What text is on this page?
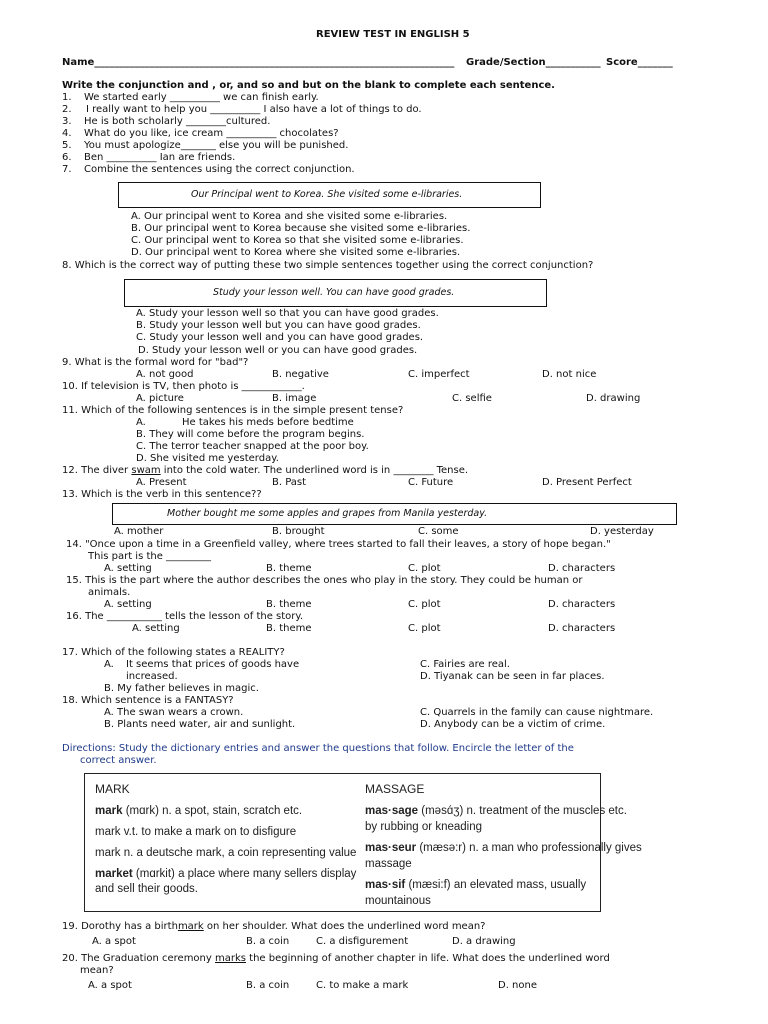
REVIEW TEST IN ENGLISH 5
Name________________________________________________________________________ Grade/Section___________ Score_______
Write the conjunction and , or, and so and but on the blank to complete each sentence.
1. We started early __________ we can finish early.
2. I really want to help you __________ I also have a lot of things to do.
3. He is both scholarly ________cultured.
4. What do you like, ice cream __________ chocolates?
5. You must apologize_______ else you will be punished.
6. Ben __________ Ian are friends.
7. Combine the sentences using the correct conjunction.
Our Principal went to Korea. She visited some e-libraries.
A. Our principal went to Korea and she visited some e-libraries.
B. Our principal went to Korea because she visited some e-libraries.
C. Our principal went to Korea so that she visited some e-libraries.
D. Our principal went to Korea where she visited some e-libraries.
8. Which is the correct way of putting these two simple sentences together using the correct conjunction?
Study your lesson well. You can have good grades.
A. Study your lesson well so that you can have good grades.
B. Study your lesson well but you can have good grades.
C. Study your lesson well and you can have good grades.
D. Study your lesson well or you can have good grades.
9. What is the formal word for "bad"?
A. not good	B. negative	C. imperfect	D. not nice
10. If television is TV, then photo is ____________.
A. picture	B. image	C. selfie	D. drawing
11. Which of the following sentences is in the simple present tense?
A.	He takes his meds before bedtime
B. They will come before the program begins.
C. The terror teacher snapped at the poor boy.
D. She visited me yesterday.
12. The diver swam into the cold water. The underlined word is in ________ Tense.
A. Present	B. Past	C. Future	D. Present Perfect
13. Which is the verb in this sentence??
Mother bought me some apples and grapes from Manila yesterday.
A. mother	B. brought	C. some	D. yesterday
14. "Once upon a time in a Greenfield valley, where trees started to fall their leaves, a story of hope began."
This part is the _________
A. setting	B. theme	C. plot	D. characters
15. This is the part where the author describes the ones who play in the story. They could be human or
animals.
A. setting	B. theme	C. plot	D. characters
16. The ___________ tells the lesson of the story.
A. setting	B. theme	C. plot	D. characters
17. Which of the following states a REALITY?
A. It seems that prices of goods have
increased.
B. My father believes in magic.
C. Fairies are real.
D. Tiyanak can be seen in far places.
18. Which sentence is a FANTASY?
A. The swan wears a crown.
B. Plants need water, air and sunlight.
C. Quarrels in the family can cause nightmare.
D. Anybody can be a victim of crime.
Directions: Study the dictionary entries and answer the questions that follow. Encircle the letter of the
correct answer.
MARK
mark (mɑrk) n. a spot, stain, scratch etc.
mark v.t. to make a mark on to disfigure
mark n. a deutsche mark, a coin representing value
market (mɑrkit) a place where many sellers display
and sell their goods.
MASSAGE
mas·sage (məsɑ́ʒ) n. treatment of the muscles etc.
by rubbing or kneading
mas·seur (mæsə:r) n. a man who professionally gives
massage
mas·sif (mæsi:f) an elevated mass, usually
mountainous
19. Dorothy has a birthmark on her shoulder. What does the underlined word mean?
A. a spot	B. a coin	C. a disfigurement	D. a drawing
20. The Graduation ceremony marks the beginning of another chapter in life. What does the underlined word
mean?
A. a spot	B. a coin	C. to make a mark	D. none
